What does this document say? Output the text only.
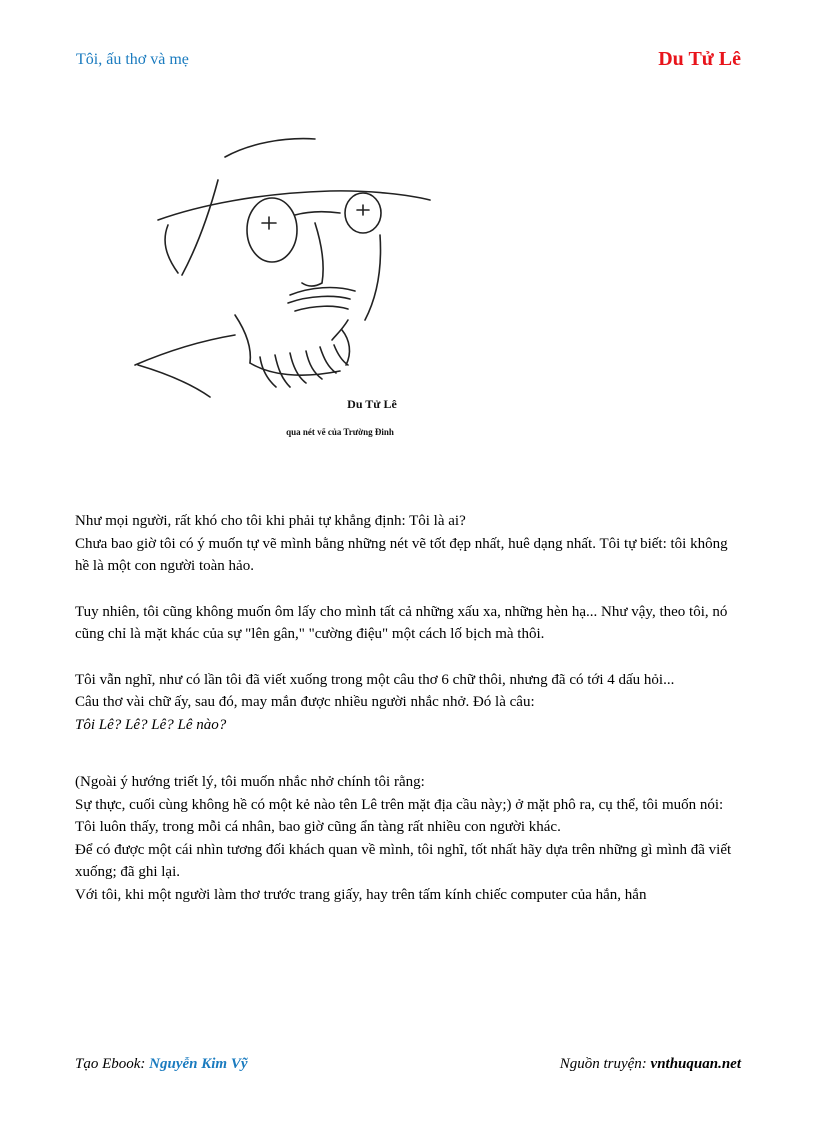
Tôi, ấu thơ và mẹ	Du Tử Lê
Du Tử Lê
qua nét vẽ của Trường Đinh

Như mọi người, rất khó cho tôi khi phải tự khẳng định: Tôi là ai?

Chưa bao giờ tôi có ý muốn tự vẽ mình bằng những nét vẽ tốt đẹp nhất, huê dạng nhất. Tôi tự biết: tôi không hề là một con người toàn hảo.

Tuy nhiên, tôi cũng không muốn ôm lấy cho mình tất cả những xấu xa, những hèn hạ... Như vậy, theo tôi, nó cũng chỉ là mặt khác của sự "lên gân," "cường điệu" một cách lố bịch mà thôi.

Tôi vẫn nghĩ, như có lần tôi đã viết xuống trong một câu thơ 6 chữ thôi, nhưng đã có tới 4 dấu hỏi...

Câu thơ vài chữ ấy, sau đó, may mắn được nhiều người nhắc nhở. Đó là câu:

Tôi Lê? Lê? Lê? Lê nào?

(Ngoài ý hướng triết lý, tôi muốn nhắc nhở chính tôi rằng:

Sự thực, cuối cùng không hề có một kẻ nào tên Lê trên mặt địa cầu này;) ở mặt phô ra, cụ thể, tôi muốn nói:

Tôi luôn thấy, trong mỗi cá nhân, bao giờ cũng ẩn tàng rất nhiều con người khác.

Để có được một cái nhìn tương đối khách quan về mình, tôi nghĩ, tốt nhất hãy dựa trên những gì mình đã viết xuống; đã ghi lại.

Với tôi, khi một người làm thơ trước trang giấy, hay trên tấm kính chiếc computer của hắn, hắn

Tạo Ebook: Nguyễn Kim Vỹ	Nguồn truyện: vnthuquan.net
